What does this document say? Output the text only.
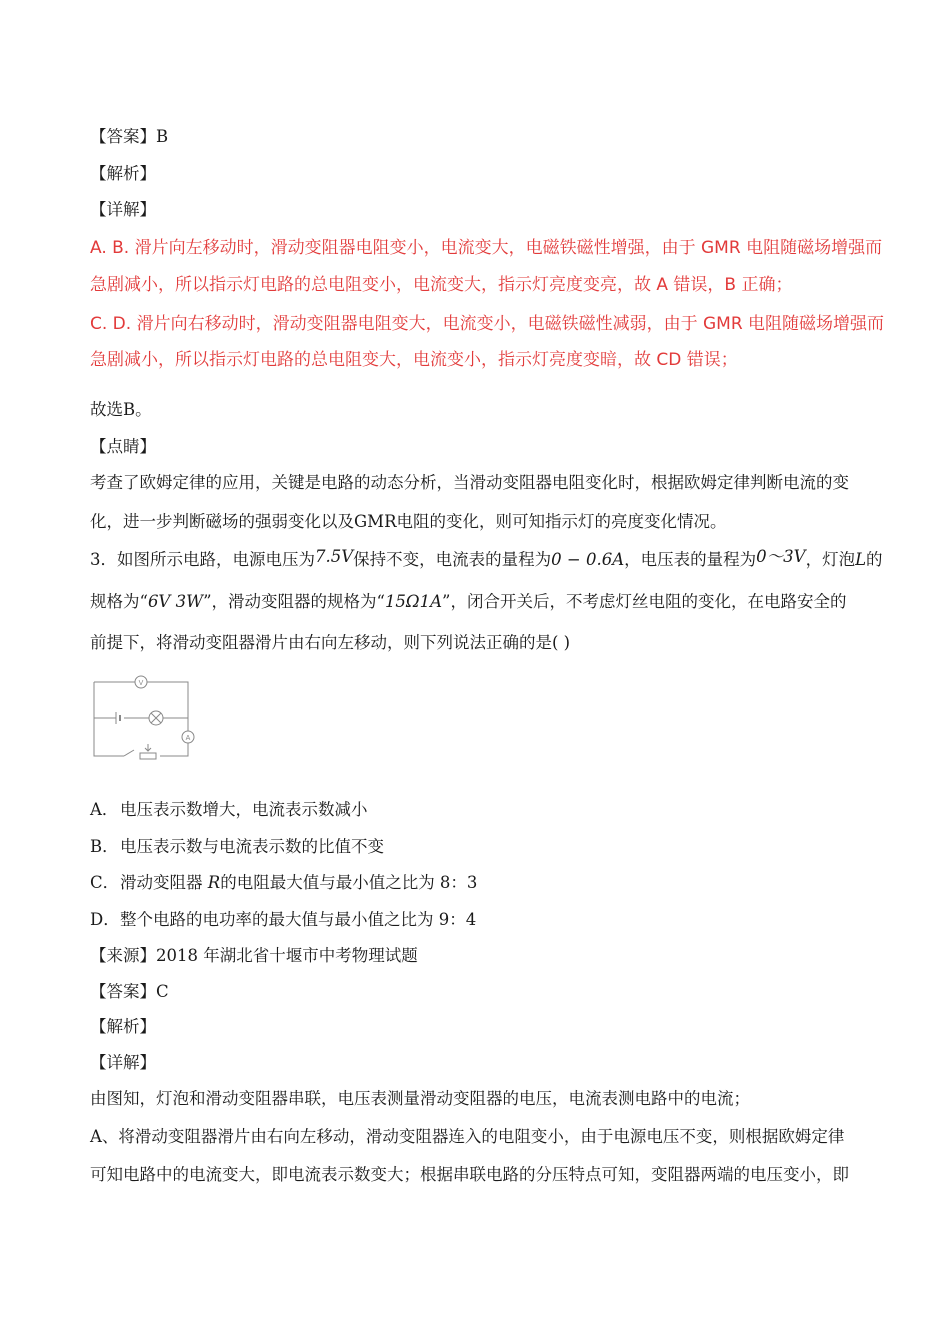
【答案】B
【解析】
【详解】
A. B. 滑片向左移动时，滑动变阻器电阻变小，电流变大，电磁铁磁性增强，由于 GMR 电阻随磁场增强而
急剧减小，所以指示灯电路的总电阻变小，电流变大，指示灯亮度变亮，故 A 错误，B 正确；
C. D. 滑片向右移动时，滑动变阻器电阻变大，电流变小，电磁铁磁性减弱，由于 GMR 电阻随磁场增强而
急剧减小，所以指示灯电路的总电阻变大，电流变小，指示灯亮度变暗，故 CD 错误；
故选B。
【点睛】
考查了欧姆定律的应用，关键是电路的动态分析，当滑动变阻器电阻变化时，根据欧姆定律判断电流的变
化，进一步判断磁场的强弱变化以及GMR电阻的变化，则可知指示灯的亮度变化情况。
3．如图所示电路，电源电压为7.5V保持不变，电流表的量程为0 − 0.6A，电压表的量程为0～3V，灯泡L的
规格为“6V 3W”，滑动变阻器的规格为“15Ω1A”，闭合开关后，不考虑灯丝电阻的变化，在电路安全的
前提下，将滑动变阻器滑片由右向左移动，则下列说法正确的是( )
V
A
A．电压表示数增大，电流表示数减小
B．电压表示数与电流表示数的比值不变
C．滑动变阻器 R的电阻最大值与最小值之比为 8：3
D．整个电路的电功率的最大值与最小值之比为 9：4
【来源】2018 年湖北省十堰市中考物理试题
【答案】C
【解析】
【详解】
由图知，灯泡和滑动变阻器串联，电压表测量滑动变阻器的电压，电流表测电路中的电流；
A、将滑动变阻器滑片由右向左移动，滑动变阻器连入的电阻变小，由于电源电压不变，则根据欧姆定律
可知电路中的电流变大，即电流表示数变大；根据串联电路的分压特点可知，变阻器两端的电压变小，即
